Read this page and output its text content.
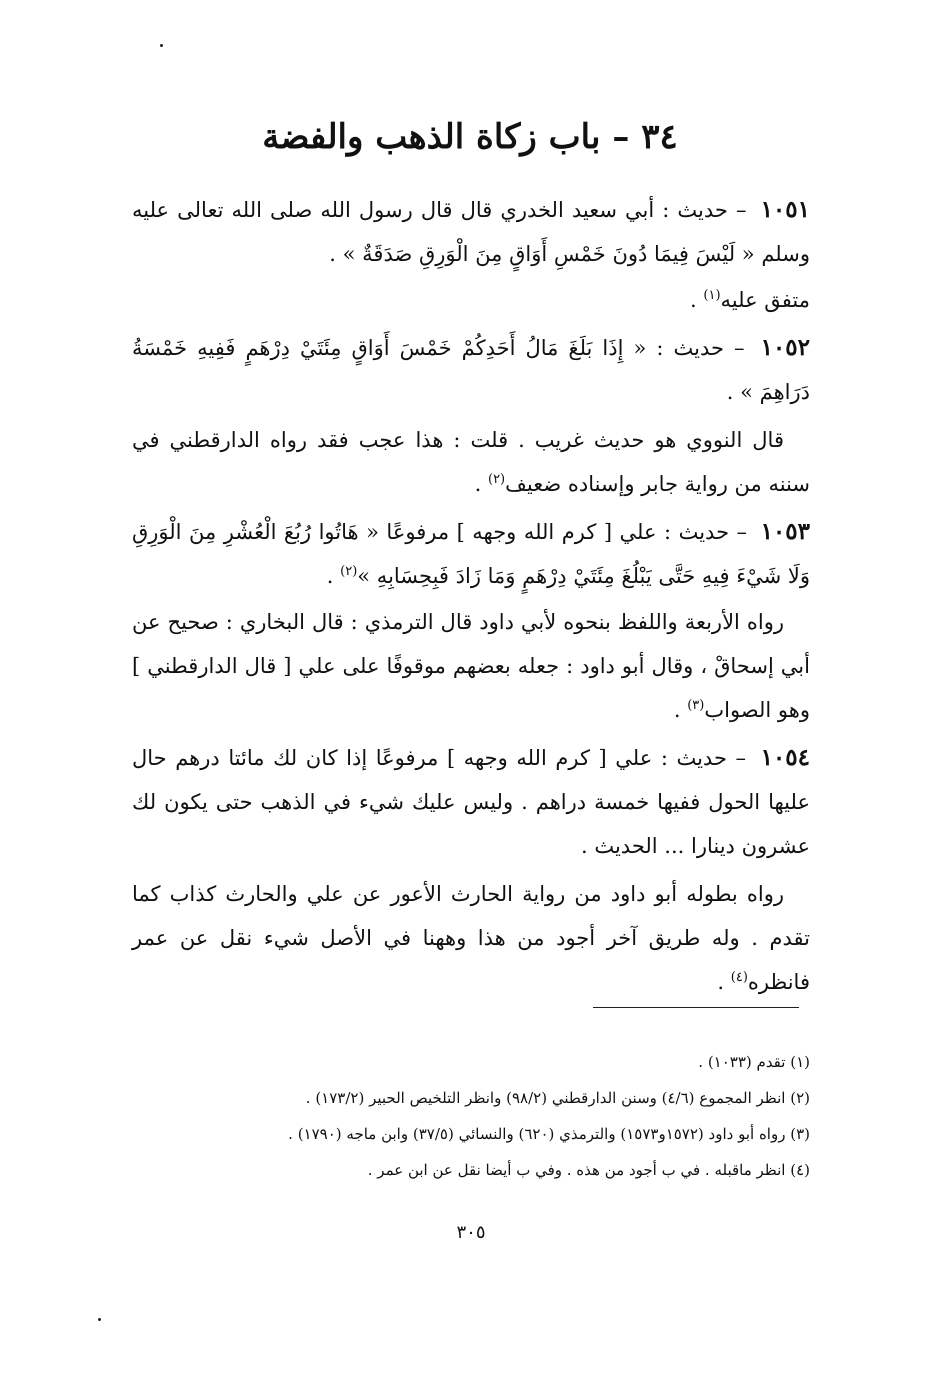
٣٤ – باب زكاة الذهب والفضة

١٠٥١ – حديث : أبي سعيد الخدري قال قال رسول الله صلى الله تعالى عليه وسلم « لَيْسَ فِيمَا دُونَ خَمْسِ أَوَاقٍ مِنَ الْوَرِقِ صَدَقَةٌ » .

متفق عليه$^{(١)}$ .

١٠٥٢ – حديث : « إِذَا بَلَغَ مَالُ أَحَدِكُمْ خَمْسَ أَوَاقٍ مِئَتَيْ دِرْهَمٍ فَفِيهِ خَمْسَةُ دَرَاهِمَ » .

قال النووي هو حديث غريب . قلت : هذا عجب فقد رواه الدارقطني في سننه من رواية جابر وإسناده ضعيف$^{(٢)}$ .

١٠٥٣ – حديث : علي [ كرم الله وجهه ] مرفوعًا « هَاتُوا رُبُعَ الْعُشْرِ مِنَ الْوَرِقِ وَلَا شَيْءَ فِيهِ حَتَّى يَبْلُغَ مِئَتَيْ دِرْهَمٍ وَمَا زَادَ فَبِحِسَابِهِ »$^{(٢)}$ .

رواه الأربعة واللفظ بنحوه لأبي داود قال الترمذي : قال البخاري : صحيح عن أبي إسحاقْ ، وقال أبو داود : جعله بعضهم موقوفًا على علي [ قال الدارقطني ] وهو الصواب$^{(٣)}$ .

١٠٥٤ – حديث : علي [ كرم الله وجهه ] مرفوعًا إذا كان لك مائتا درهم حال عليها الحول ففيها خمسة دراهم . وليس عليك شيء في الذهب حتى يكون لك عشرون دينارا ... الحديث .

رواه بطوله أبو داود من رواية الحارث الأعور عن علي والحارث كذاب كما تقدم . وله طريق آخر أجود من هذا وههنا في الأصل شيء نقل عن عمر فانظره$^{(٤)}$ .

(١) تقدم (١٠٣٣) .

(٢) انظر المجموع (٤/٦) وسنن الدارقطني (٩٨/٢) وانظر التلخيص الحبير (١٧٣/٢) .

(٣) رواه أبو داود (١٥٧٢و١٥٧٣) والترمذي (٦٢٠) والنسائي (٣٧/٥) وابن ماجه (١٧٩٠) .

(٤) انظر ماقبله . في ب أجود من هذه . وفي ب أيضا نقل عن ابن عمر .

٣٠٥
